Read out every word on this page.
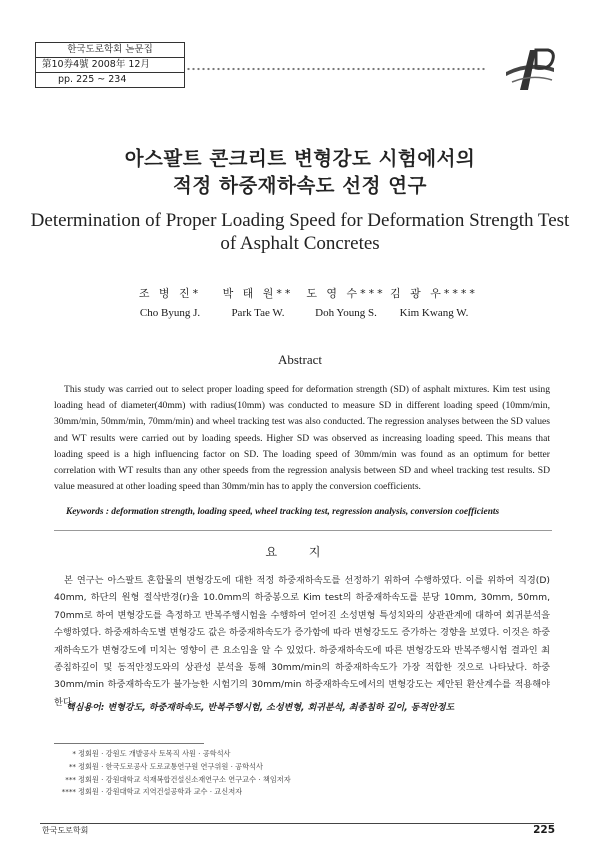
한국도로학회 논문집
第10券4號 2008年 12月
pp. 225 ~ 234
아스팔트 콘크리트 변형강도 시험에서의
적정 하중재하속도 선정 연구
Determination of Proper Loading Speed for Deformation Strength Test
of Asphalt Concretes
조 병 진*
Cho Byung J.
박 태 원**
Park Tae W.
도 영 수***
Doh Young S.
김 광 우****
Kim Kwang W.
Abstract
This study was carried out to select proper loading speed for deformation strength (SD) of asphalt mixtures. Kim test using loading head of diameter(40mm) with radius(10mm) was conducted to measure SD in different loading speed (10mm/min, 30mm/min, 50mm/min, 70mm/min) and wheel tracking test was also conducted. The regression analyses between the SD values and WT results were carried out by loading speeds. Higher SD was observed as increasing loading speed. This means that loading speed is a high influencing factor on SD. The loading speed of 30mm/min was found as an optimum for better correlation with WT results than any other speeds from the regression analysis between SD and wheel tracking test results. SD value measured at other loading speed than 30mm/min has to apply the conversion coefficients.
Keywords : deformation strength, loading speed, wheel tracking test, regression analysis, conversion coefficients
요 지
본 연구는 아스팔트 혼합물의 변형강도에 대한 적정 하중재하속도를 선정하기 위하여 수행하였다. 이를 위하여 직경(D) 40mm, 하단의 원형 절삭반경(r)을 10.0mm의 하중봉으로 Kim test의 하중재하속도를 분당 10mm, 30mm, 50mm, 70mm로 하여 변형강도를 측정하고 반복주행시험을 수행하여 얻어진 소성변형 특성치와의 상관관계에 대하여 회귀분석을 수행하였다. 하중재하속도별 변형강도 값은 하중재하속도가 증가함에 따라 변형강도도 증가하는 경향을 보였다. 이것은 하중재하속도가 변형강도에 미치는 영향이 큰 요소임을 알 수 있었다. 하중재하속도에 따른 변형강도와 반복주행시험 결과인 최종침하깊이 및 동적안정도와의 상관성 분석을 통해 30mm/min의 하중재하속도가 가장 적합한 것으로 나타났다. 하중 30mm/min 하중재하속도가 불가능한 시험기의 30mm/min 하중재하속도에서의 변형강도는 제안된 환산계수를 적용해야 한다.
핵심용어: 변형강도, 하중재하속도, 반복주행시험, 소성변형, 회귀분석, 최종침하 깊이, 동적안정도
* 정회원 · 강원도 개발공사 토목직 사원 · 공학석사
** 정회원 · 한국도로공사 도로교통연구원 연구위원 · 공학석사
*** 정회원 · 강원대학교 석재복합건설신소재연구소 연구교수 · 책임저자
**** 정회원 · 강원대학교 지역건설공학과 교수 · 교신저자
한국도로학회	225
